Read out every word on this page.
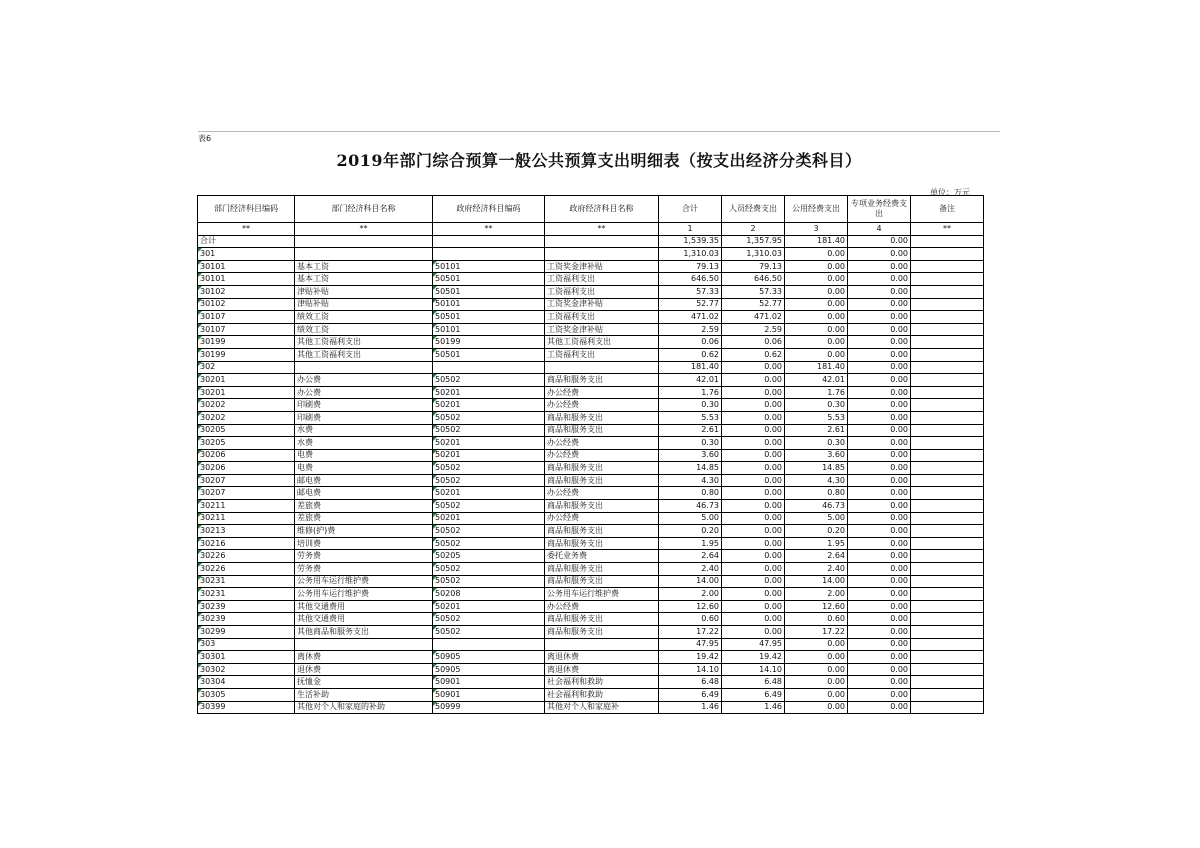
表6
2019年部门综合预算一般公共预算支出明细表（按支出经济分类科目）
单位：万元
部门经济科目编码	部门经济科目名称	政府经济科目编码	政府经济科目名称	合计	人员经费支出	公用经费支出	专项业务经费支出	备注
**	**	**	**	1	2	3	4	**
合计				1,539.35	1,357.95	181.40	0.00	
301				1,310.03	1,310.03	0.00	0.00	
30101	基本工资	50101	工资奖金津补贴	79.13	79.13	0.00	0.00	
30101	基本工资	50501	工资福利支出	646.50	646.50	0.00	0.00	
30102	津贴补贴	50501	工资福利支出	57.33	57.33	0.00	0.00	
30102	津贴补贴	50101	工资奖金津补贴	52.77	52.77	0.00	0.00	
30107	绩效工资	50501	工资福利支出	471.02	471.02	0.00	0.00	
30107	绩效工资	50101	工资奖金津补贴	2.59	2.59	0.00	0.00	
30199	其他工资福利支出	50199	其他工资福利支出	0.06	0.06	0.00	0.00	
30199	其他工资福利支出	50501	工资福利支出	0.62	0.62	0.00	0.00	
302				181.40	0.00	181.40	0.00	
30201	办公费	50502	商品和服务支出	42.01	0.00	42.01	0.00	
30201	办公费	50201	办公经费	1.76	0.00	1.76	0.00	
30202	印刷费	50201	办公经费	0.30	0.00	0.30	0.00	
30202	印刷费	50502	商品和服务支出	5.53	0.00	5.53	0.00	
30205	水费	50502	商品和服务支出	2.61	0.00	2.61	0.00	
30205	水费	50201	办公经费	0.30	0.00	0.30	0.00	
30206	电费	50201	办公经费	3.60	0.00	3.60	0.00	
30206	电费	50502	商品和服务支出	14.85	0.00	14.85	0.00	
30207	邮电费	50502	商品和服务支出	4.30	0.00	4.30	0.00	
30207	邮电费	50201	办公经费	0.80	0.00	0.80	0.00	
30211	差旅费	50502	商品和服务支出	46.73	0.00	46.73	0.00	
30211	差旅费	50201	办公经费	5.00	0.00	5.00	0.00	
30213	维修(护)费	50502	商品和服务支出	0.20	0.00	0.20	0.00	
30216	培训费	50502	商品和服务支出	1.95	0.00	1.95	0.00	
30226	劳务费	50205	委托业务费	2.64	0.00	2.64	0.00	
30226	劳务费	50502	商品和服务支出	2.40	0.00	2.40	0.00	
30231	公务用车运行维护费	50502	商品和服务支出	14.00	0.00	14.00	0.00	
30231	公务用车运行维护费	50208	公务用车运行维护费	2.00	0.00	2.00	0.00	
30239	其他交通费用	50201	办公经费	12.60	0.00	12.60	0.00	
30239	其他交通费用	50502	商品和服务支出	0.60	0.00	0.60	0.00	
30299	其他商品和服务支出	50502	商品和服务支出	17.22	0.00	17.22	0.00	
303				47.95	47.95	0.00	0.00	
30301	离休费	50905	离退休费	19.42	19.42	0.00	0.00	
30302	退休费	50905	离退休费	14.10	14.10	0.00	0.00	
30304	抚恤金	50901	社会福利和救助	6.48	6.48	0.00	0.00	
30305	生活补助	50901	社会福利和救助	6.49	6.49	0.00	0.00	
30399	其他对个人和家庭的补助	50999	其他对个人和家庭补	1.46	1.46	0.00	0.00	
